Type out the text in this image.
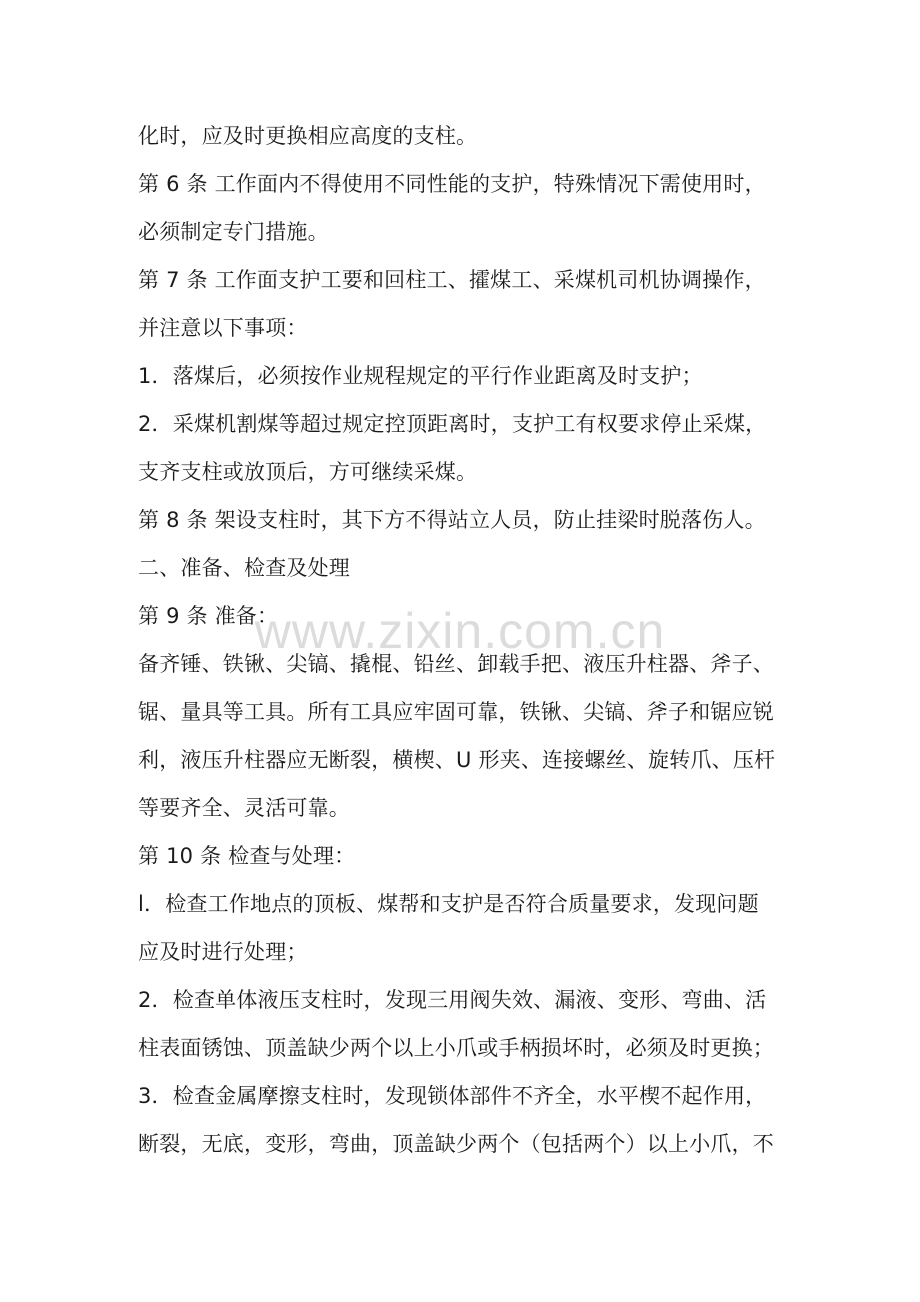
化时，应及时更换相应高度的支柱。
第 6 条 工作面内不得使用不同性能的支护，特殊情况下需使用时，
必须制定专门措施。
第 7 条 工作面支护工要和回柱工、攉煤工、采煤机司机协调操作，
并注意以下事项：
1．落煤后，必须按作业规程规定的平行作业距离及时支护；
2．采煤机割煤等超过规定控顶距离时，支护工有权要求停止采煤，
支齐支柱或放顶后，方可继续采煤。
第 8 条 架设支柱时，其下方不得站立人员，防止挂梁时脱落伤人。
二、准备、检查及处理
第 9 条 准备：
备齐锤、铁锹、尖镐、撬棍、铅丝、卸载手把、液压升柱器、斧子、
锯、量具等工具。所有工具应牢固可靠，铁锹、尖镐、斧子和锯应锐
利，液压升柱器应无断裂，横楔、U 形夹、连接螺丝、旋转爪、压杆
等要齐全、灵活可靠。
第 10 条 检查与处理：
l．检查工作地点的顶板、煤帮和支护是否符合质量要求，发现问题
应及时进行处理；
2．检查单体液压支柱时，发现三用阀失效、漏液、变形、弯曲、活
柱表面锈蚀、顶盖缺少两个以上小爪或手柄损坏时，必须及时更换；
3．检查金属摩擦支柱时，发现锁体部件不齐全，水平楔不起作用，
断裂，无底，变形，弯曲，顶盖缺少两个（包括两个）以上小爪，不
www.zixin.com.cn
